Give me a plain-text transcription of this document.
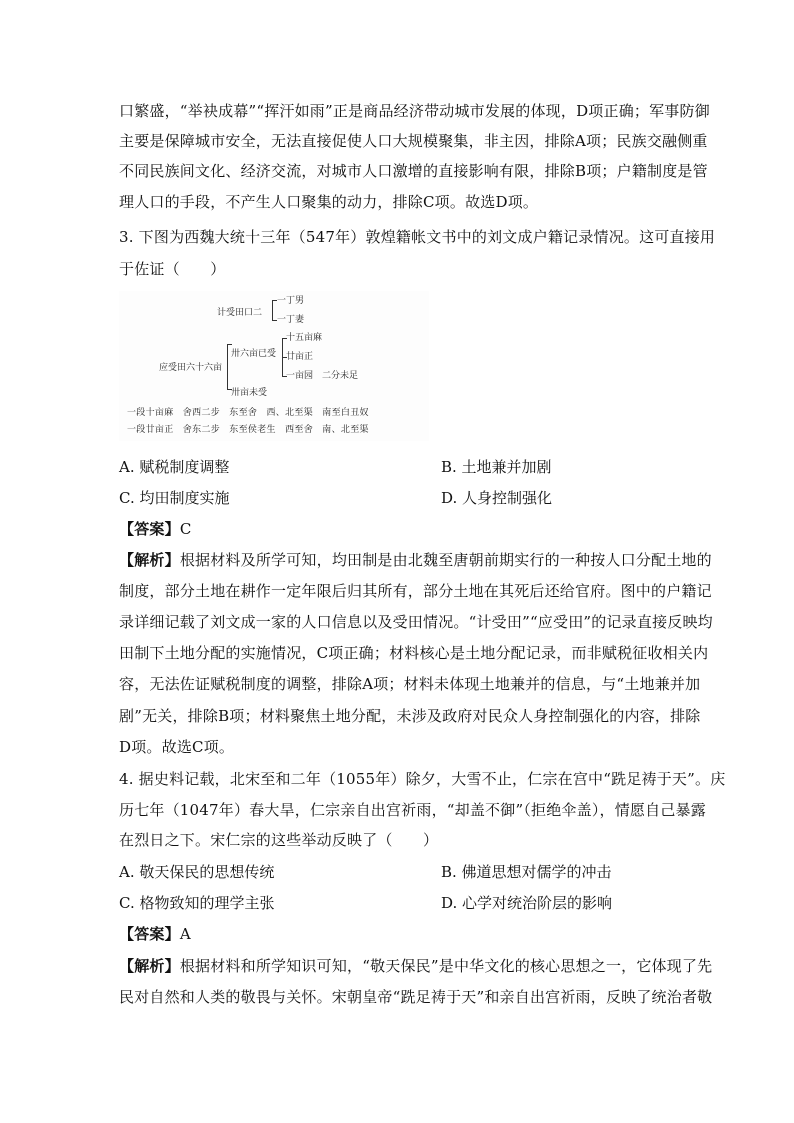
口繁盛，“举袂成幕”“挥汗如雨”正是商品经济带动城市发展的体现，D项正确；军事防御
主要是保障城市安全，无法直接促使人口大规模聚集，非主因，排除A项；民族交融侧重
不同民族间文化、经济交流，对城市人口激增的直接影响有限，排除B项；户籍制度是管
理人口的手段，不产生人口聚集的动力，排除C项。故选D项。
3. 下图为西魏大统十三年（547年）敦煌籍帐文书中的刘文成户籍记录情况。这可直接用
于佐证（　　）
计受田口二
一丁男
一丁妻
应受田六十六亩
卅六亩已受
卅亩未受
十五亩麻
廿亩正
一亩园　二分未足
一段十亩麻　舍西二步　东至舍　西、北至渠　南至白丑奴
一段廿亩正　舍东二步　东至侯老生　西至舍　南、北至渠
A. 赋税制度调整	B. 土地兼并加剧
C. 均田制度实施	D. 人身控制强化
【答案】C
【解析】根据材料及所学可知，均田制是由北魏至唐朝前期实行的一种按人口分配土地的
制度，部分土地在耕作一定年限后归其所有，部分土地在其死后还给官府。图中的户籍记
录详细记载了刘文成一家的人口信息以及受田情况。“计受田”“应受田”的记录直接反映均
田制下土地分配的实施情况，C项正确；材料核心是土地分配记录，而非赋税征收相关内
容，无法佐证赋税制度的调整，排除A项；材料未体现土地兼并的信息，与“土地兼并加
剧”无关，排除B项；材料聚焦土地分配，未涉及政府对民众人身控制强化的内容，排除
D项。故选C项。
4. 据史料记载，北宋至和二年（1055年）除夕，大雪不止，仁宗在宫中“跣足祷于天”。庆
历七年（1047年）春大旱，仁宗亲自出宫祈雨，“却盖不御”（拒绝伞盖），情愿自己暴露
在烈日之下。宋仁宗的这些举动反映了（　　）
A. 敬天保民的思想传统	B. 佛道思想对儒学的冲击
C. 格物致知的理学主张	D. 心学对统治阶层的影响
【答案】A
【解析】根据材料和所学知识可知，“敬天保民”是中华文化的核心思想之一，它体现了先
民对自然和人类的敬畏与关怀。宋朝皇帝“跣足祷于天”和亲自出宫祈雨，反映了统治者敬
